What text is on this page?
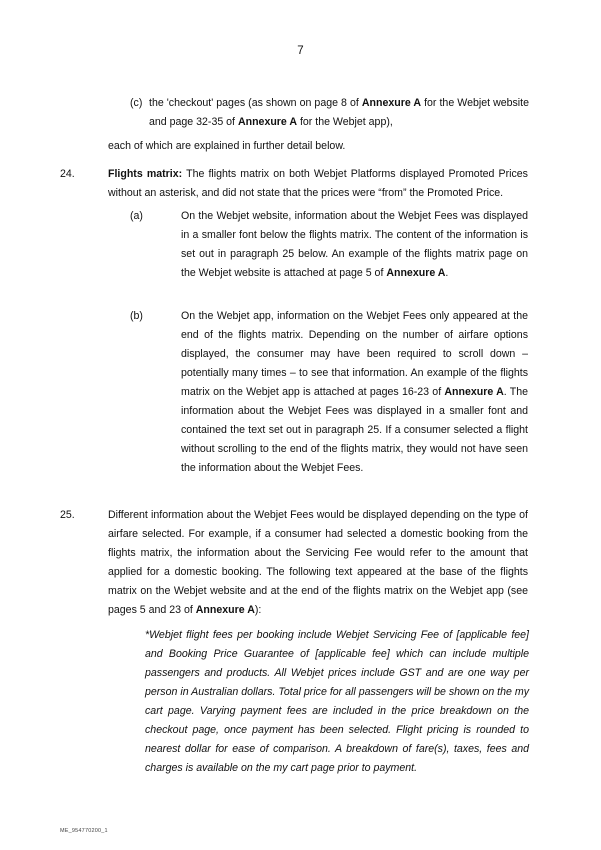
7
(c) the 'checkout' pages (as shown on page 8 of Annexure A for the Webjet website and page 32-35 of Annexure A for the Webjet app),
each of which are explained in further detail below.
24.	Flights matrix: The flights matrix on both Webjet Platforms displayed Promoted Prices without an asterisk, and did not state that the prices were “from” the Promoted Price.
(a)	On the Webjet website, information about the Webjet Fees was displayed in a smaller font below the flights matrix. The content of the information is set out in paragraph 25 below. An example of the flights matrix page on the Webjet website is attached at page 5 of Annexure A.
(b)	On the Webjet app, information on the Webjet Fees only appeared at the end of the flights matrix. Depending on the number of airfare options displayed, the consumer may have been required to scroll down – potentially many times – to see that information. An example of the flights matrix on the Webjet app is attached at pages 16-23 of Annexure A. The information about the Webjet Fees was displayed in a smaller font and contained the text set out in paragraph 25. If a consumer selected a flight without scrolling to the end of the flights matrix, they would not have seen the information about the Webjet Fees.
25.	Different information about the Webjet Fees would be displayed depending on the type of airfare selected. For example, if a consumer had selected a domestic booking from the flights matrix, the information about the Servicing Fee would refer to the amount that applied for a domestic booking. The following text appeared at the base of the flights matrix on the Webjet website and at the end of the flights matrix on the Webjet app (see pages 5 and 23 of Annexure A):
*Webjet flight fees per booking include Webjet Servicing Fee of [applicable fee] and Booking Price Guarantee of [applicable fee] which can include multiple passengers and products. All Webjet prices include GST and are one way per person in Australian dollars. Total price for all passengers will be shown on the my cart page. Varying payment fees are included in the price breakdown on the checkout page, once payment has been selected. Flight pricing is rounded to nearest dollar for ease of comparison. A breakdown of fare(s), taxes, fees and charges is available on the my cart page prior to payment.
ME_954770200_1
